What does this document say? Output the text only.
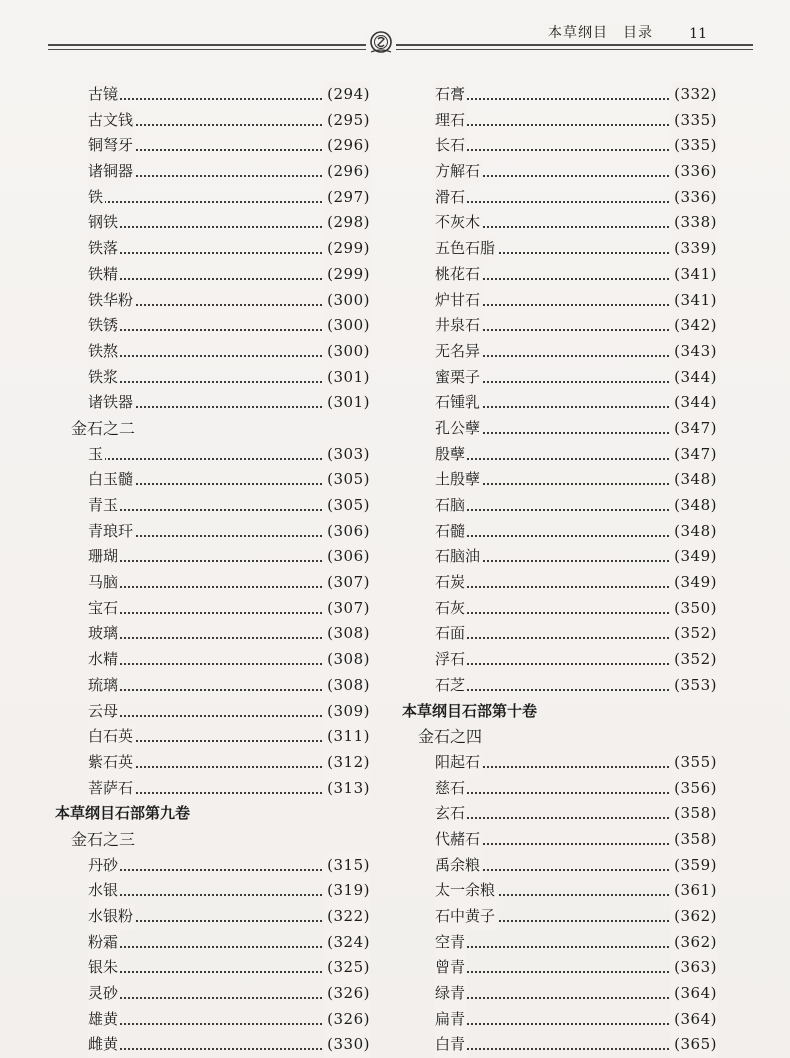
本草纲目　目录	11
古镜	(294)
古文钱	(295)
铜弩牙	(296)
诸铜器	(296)
铁	(297)
钢铁	(298)
铁落	(299)
铁精	(299)
铁华粉	(300)
铁锈	(300)
铁熬	(300)
铁浆	(301)
诸铁器	(301)
金石之二
玉	(303)
白玉髓	(305)
青玉	(305)
青琅玕	(306)
珊瑚	(306)
马脑	(307)
宝石	(307)
玻璃	(308)
水精	(308)
琉璃	(308)
云母	(309)
白石英	(311)
紫石英	(312)
菩萨石	(313)
本草纲目石部第九卷
金石之三
丹砂	(315)
水银	(319)
水银粉	(322)
粉霜	(324)
银朱	(325)
灵砂	(326)
雄黄	(326)
雌黄	(330)
石膏	(332)
理石	(335)
长石	(335)
方解石	(336)
滑石	(336)
不灰木	(338)
五色石脂	(339)
桃花石	(341)
炉甘石	(341)
井泉石	(342)
无名异	(343)
蜜栗子	(344)
石锺乳	(344)
孔公孽	(347)
殷孽	(347)
土殷孽	(348)
石脑	(348)
石髓	(348)
石脑油	(349)
石炭	(349)
石灰	(350)
石面	(352)
浮石	(352)
石芝	(353)
本草纲目石部第十卷
金石之四
阳起石	(355)
慈石	(356)
玄石	(358)
代赭石	(358)
禹余粮	(359)
太一余粮	(361)
石中黄子	(362)
空青	(362)
曾青	(363)
绿青	(364)
扁青	(364)
白青	(365)
